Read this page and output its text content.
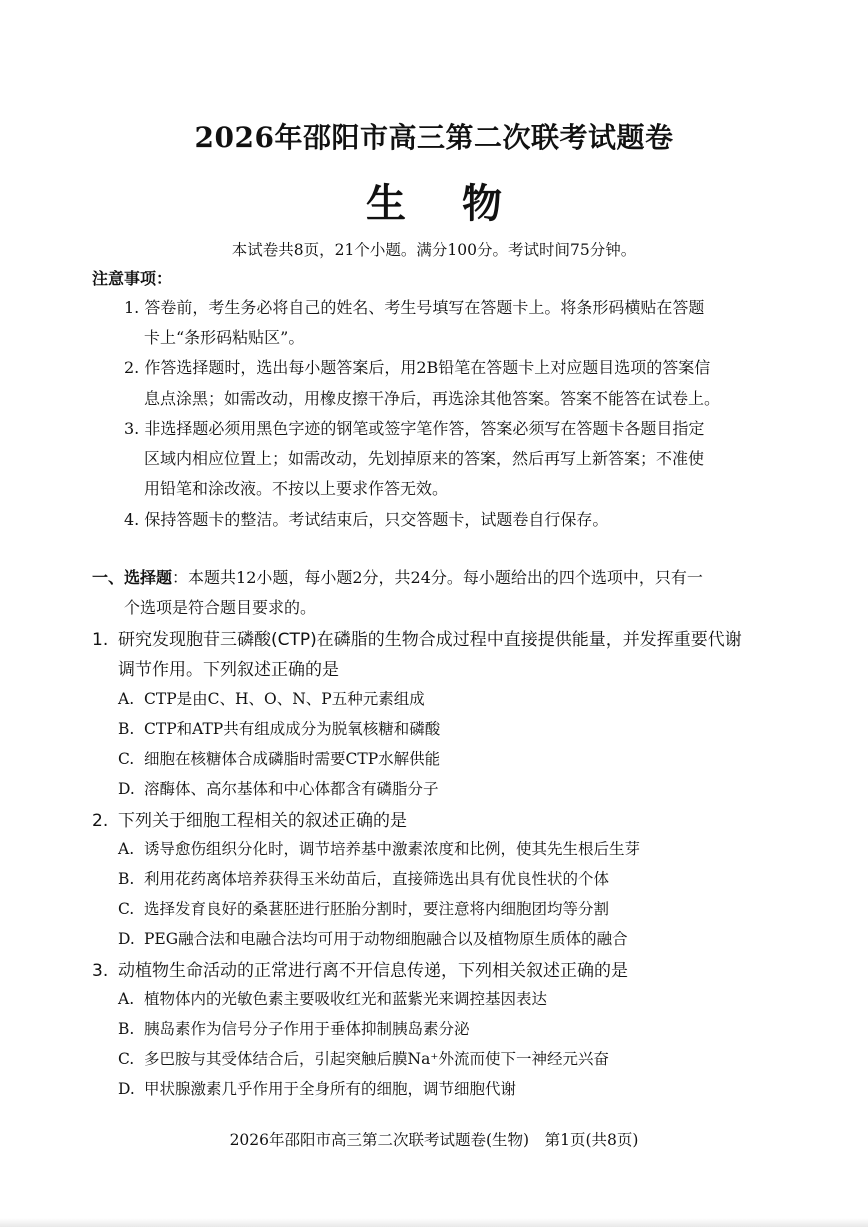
2026年邵阳市高三第二次联考试题卷
生物
本试卷共8页，21个小题。满分100分。考试时间75分钟。
注意事项：
1. 答卷前，考生务必将自己的姓名、考生号填写在答题卡上。将条形码横贴在答题
卡上“条形码粘贴区”。
2. 作答选择题时，选出每小题答案后，用2B铅笔在答题卡上对应题目选项的答案信
息点涂黑；如需改动，用橡皮擦干净后，再选涂其他答案。答案不能答在试卷上。
3. 非选择题必须用黑色字迹的钢笔或签字笔作答，答案必须写在答题卡各题目指定
区域内相应位置上；如需改动，先划掉原来的答案，然后再写上新答案；不准使
用铅笔和涂改液。不按以上要求作答无效。
4. 保持答题卡的整洁。考试结束后，只交答题卡，试题卷自行保存。
一、选择题：本题共12小题，每小题2分，共24分。每小题给出的四个选项中，只有一
个选项是符合题目要求的。
1. 研究发现胞苷三磷酸(CTP)在磷脂的生物合成过程中直接提供能量，并发挥重要代谢
调节作用。下列叙述正确的是
A. CTP是由C、H、O、N、P五种元素组成
B. CTP和ATP共有组成成分为脱氧核糖和磷酸
C. 细胞在核糖体合成磷脂时需要CTP水解供能
D. 溶酶体、高尔基体和中心体都含有磷脂分子
2. 下列关于细胞工程相关的叙述正确的是
A. 诱导愈伤组织分化时，调节培养基中激素浓度和比例，使其先生根后生芽
B. 利用花药离体培养获得玉米幼苗后，直接筛选出具有优良性状的个体
C. 选择发育良好的桑葚胚进行胚胎分割时，要注意将内细胞团均等分割
D. PEG融合法和电融合法均可用于动物细胞融合以及植物原生质体的融合
3. 动植物生命活动的正常进行离不开信息传递，下列相关叙述正确的是
A. 植物体内的光敏色素主要吸收红光和蓝紫光来调控基因表达
B. 胰岛素作为信号分子作用于垂体抑制胰岛素分泌
C. 多巴胺与其受体结合后，引起突触后膜Na⁺外流而使下一神经元兴奋
D. 甲状腺激素几乎作用于全身所有的细胞，调节细胞代谢
2026年邵阳市高三第二次联考试题卷(生物)　第1页(共8页)
